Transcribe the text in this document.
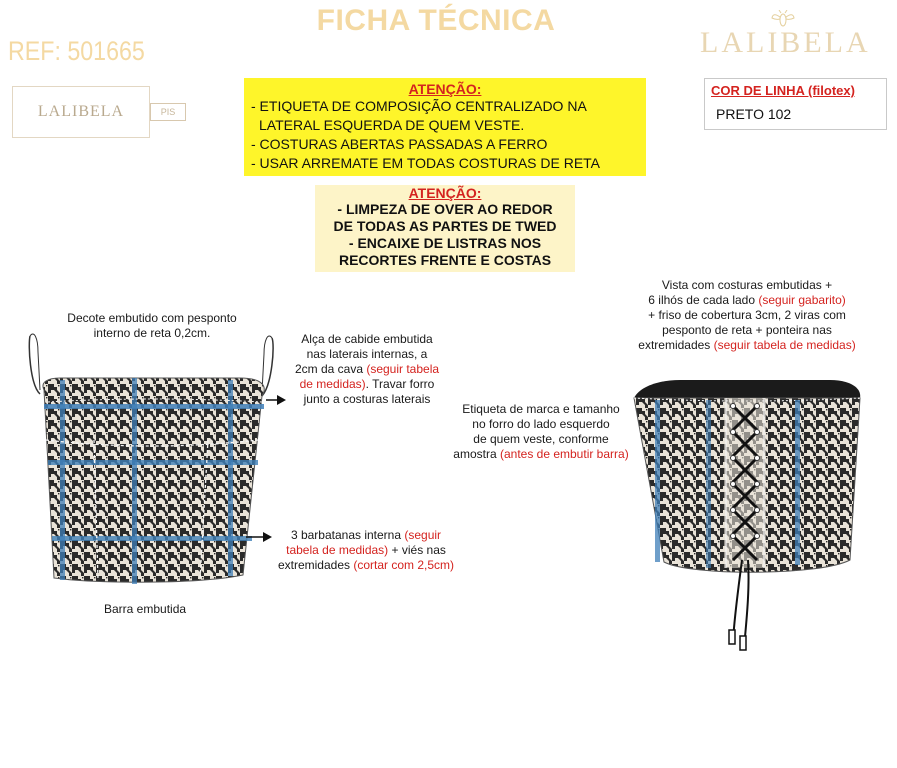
FICHA TÉCNICA
REF: 501665	LALIBELA
LALIBELA	PIS
ATENÇÃO:
- ETIQUETA DE COMPOSIÇÃO CENTRALIZADO NA
LATERAL ESQUERDA DE QUEM VESTE.
- COSTURAS ABERTAS PASSADAS A FERRO
- USAR ARREMATE EM TODAS COSTURAS DE RETA
ATENÇÃO:
- LIMPEZA DE OVER AO REDOR
DE TODAS AS PARTES DE TWED
- ENCAIXE DE LISTRAS NOS
RECORTES FRENTE E COSTAS
COR DE LINHA (filotex)
PRETO 102
Decote embutido com pesponto
interno de reta 0,2cm.	Alça de cabide embutida
nas laterais internas, a
2cm da cava (seguir tabela
de medidas). Travar forro
junto a costuras laterais
3 barbatanas interna (seguir
tabela de medidas) + viés nas
extremidades (cortar com 2,5cm)
Barra embutida
Vista com costuras embutidas +
6 ilhós de cada lado (seguir gabarito)
+ friso de cobertura 3cm, 2 viras com
pesponto de reta + ponteira nas
extremidades (seguir tabela de medidas)
Etiqueta de marca e tamanho
no forro do lado esquerdo
de quem veste, conforme
amostra (antes de embutir barra)
